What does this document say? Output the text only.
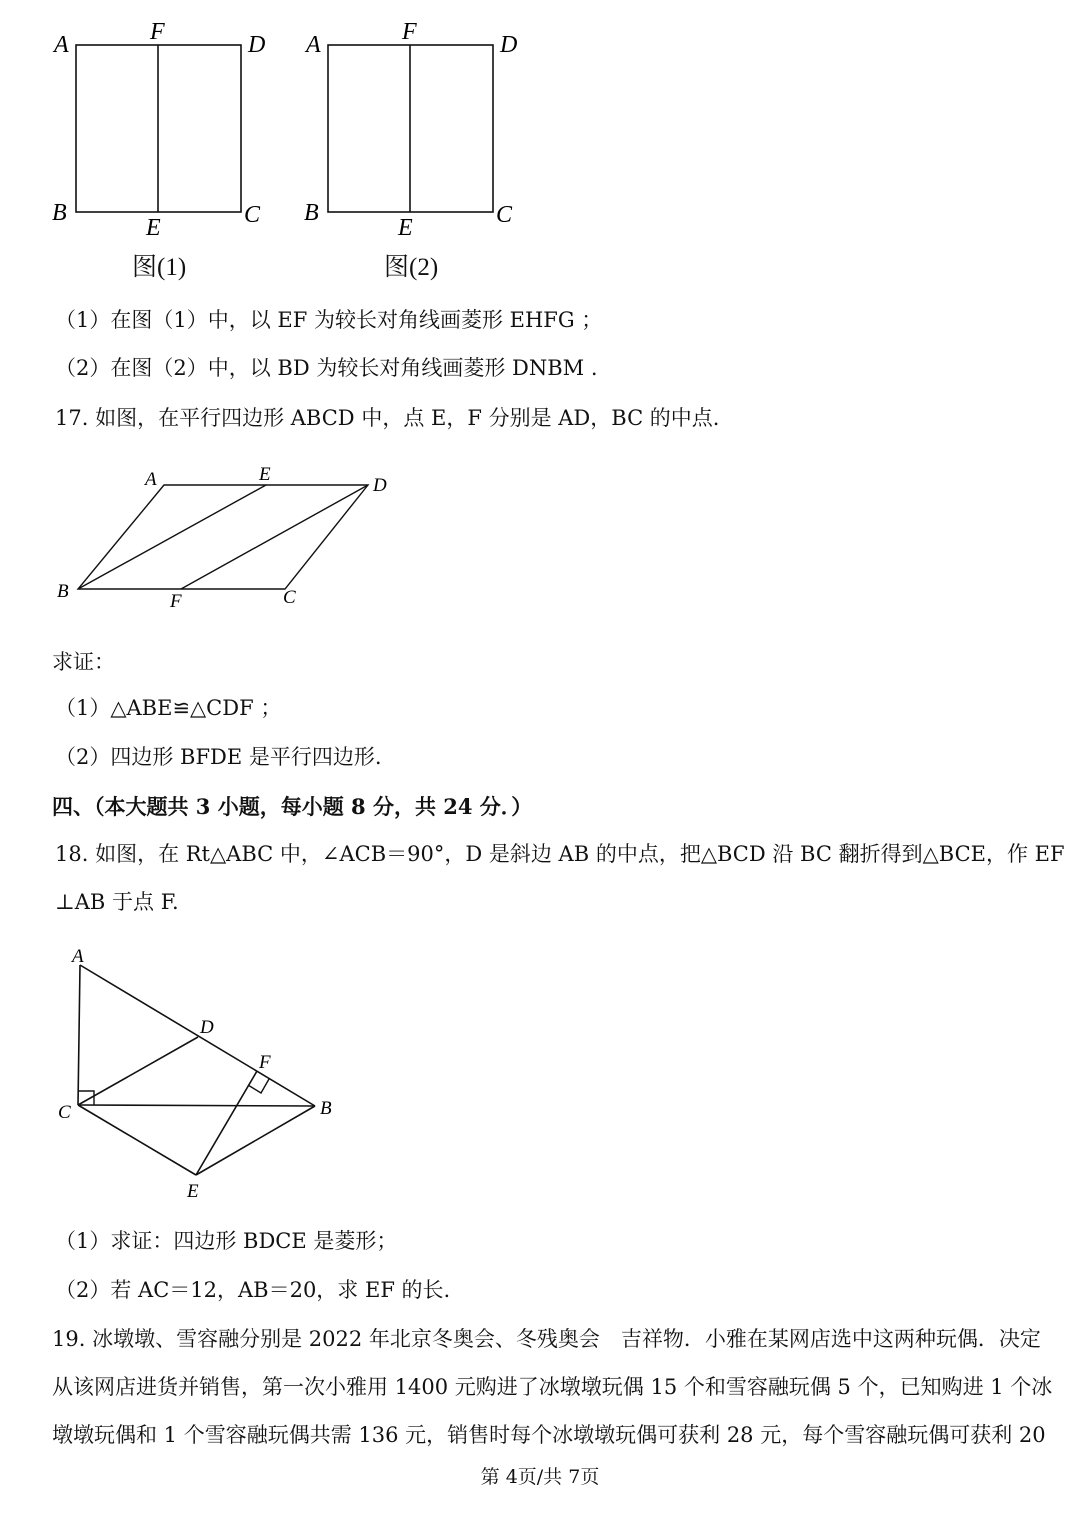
A	F	D
B
E	C
图(1)
A	F	D
B
E	C
图(2)
（1）在图（1）中，以 EF 为较长对角线画菱形 EHFG ；
（2）在图（2）中，以 BD 为较长对角线画菱形 DNBM .
17. 如图，在平行四边形 ABCD 中，点 E，F 分别是 AD，BC 的中点.
A	E
D
B	F	C
求证：
（1）△ABE≌△CDF ；
（2）四边形 BFDE 是平行四边形.
四、（本大题共 3 小题，每小题 8 分，共 24 分．）
18. 如图，在 Rt△ABC 中，∠ACB＝90°，D 是斜边 AB 的中点，把△BCD 沿 BC 翻折得到△BCE，作 EF
⊥AB 于点 F.
A
D
F
C	B
E
（1）求证：四边形 BDCE 是菱形；
（2）若 AC＝12，AB＝20，求 EF 的长.
19. 冰墩墩、雪容融分别是 2022 年北京冬奥会、冬残奥会　吉祥物．小雅在某网店选中这两种玩偶．决定
从该网店进货并销售，第一次小雅用 1400 元购进了冰墩墩玩偶 15 个和雪容融玩偶 5 个，已知购进 1 个冰
墩墩玩偶和 1 个雪容融玩偶共需 136 元，销售时每个冰墩墩玩偶可获利 28 元，每个雪容融玩偶可获利 20
第 4页/共 7页
